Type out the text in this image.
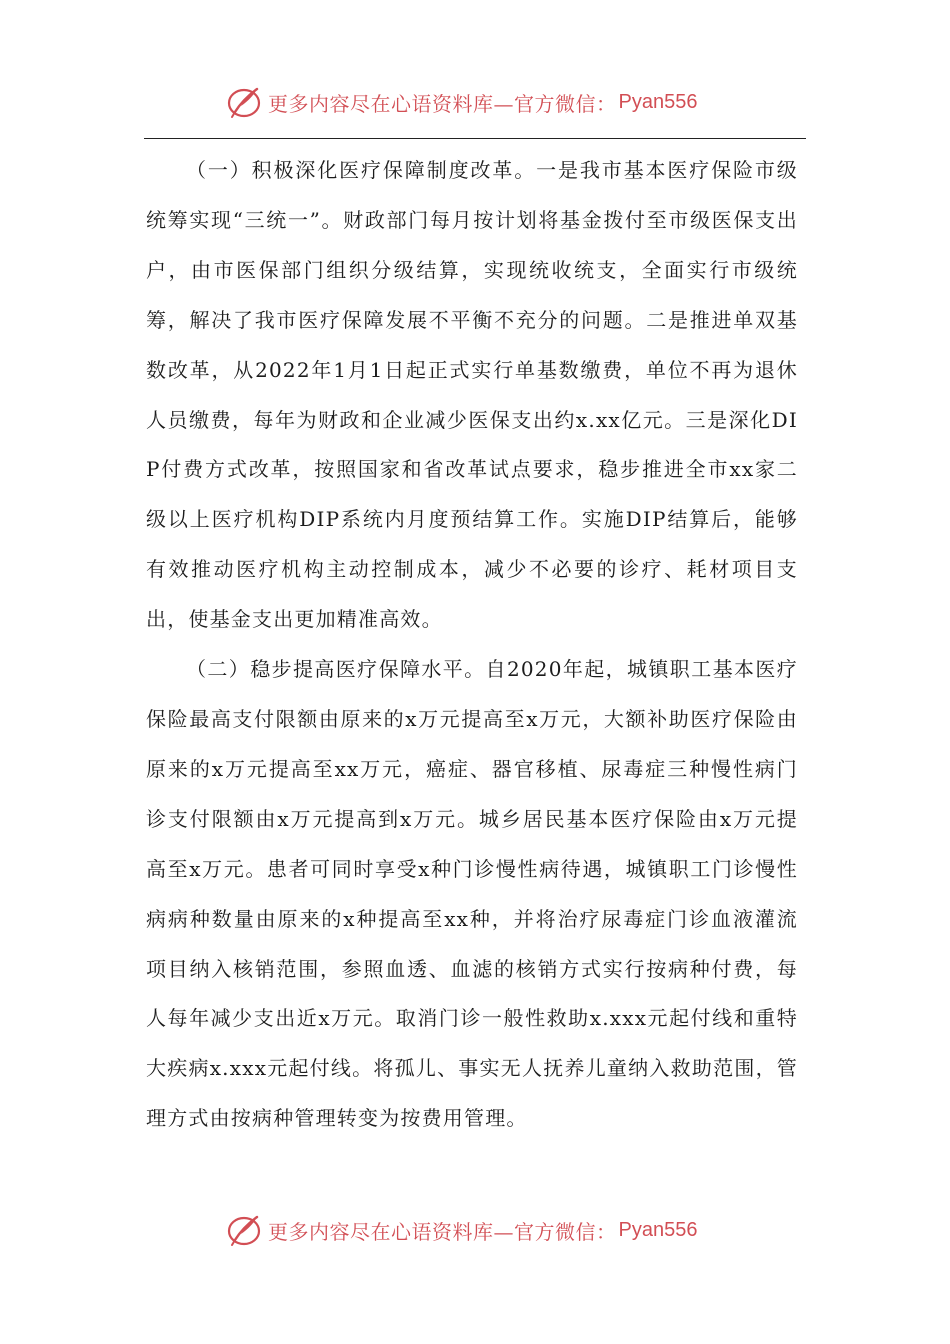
更多内容尽在心语资料库—官方微信： Pyan556

（一）积极深化医疗保障制度改革。一是我市基本医疗保险市级统筹实现“三统一”。财政部门每月按计划将基金拨付至市级医保支出户，由市医保部门组织分级结算，实现统收统支，全面实行市级统筹，解决了我市医疗保障发展不平衡不充分的问题。二是推进单双基数改革，从2022年1月1日起正式实行单基数缴费，单位不再为退休人员缴费，每年为财政和企业减少医保支出约x.xx亿元。三是深化DIP付费方式改革，按照国家和省改革试点要求，稳步推进全市xx家二级以上医疗机构DIP系统内月度预结算工作。实施DIP结算后，能够有效推动医疗机构主动控制成本，减少不必要的诊疗、耗材项目支出，使基金支出更加精准高效。

（二）稳步提高医疗保障水平。自2020年起，城镇职工基本医疗保险最高支付限额由原来的x万元提高至x万元，大额补助医疗保险由原来的x万元提高至xx万元，癌症、器官移植、尿毒症三种慢性病门诊支付限额由x万元提高到x万元。城乡居民基本医疗保险由x万元提高至x万元。患者可同时享受x种门诊慢性病待遇，城镇职工门诊慢性病病种数量由原来的x种提高至xx种，并将治疗尿毒症门诊血液灌流项目纳入核销范围，参照血透、血滤的核销方式实行按病种付费，每人每年减少支出近x万元。取消门诊一般性救助x.xxx元起付线和重特大疾病x.xxx元起付线。将孤儿、事实无人抚养儿童纳入救助范围，管理方式由按病种管理转变为按费用管理。

更多内容尽在心语资料库—官方微信： Pyan556
